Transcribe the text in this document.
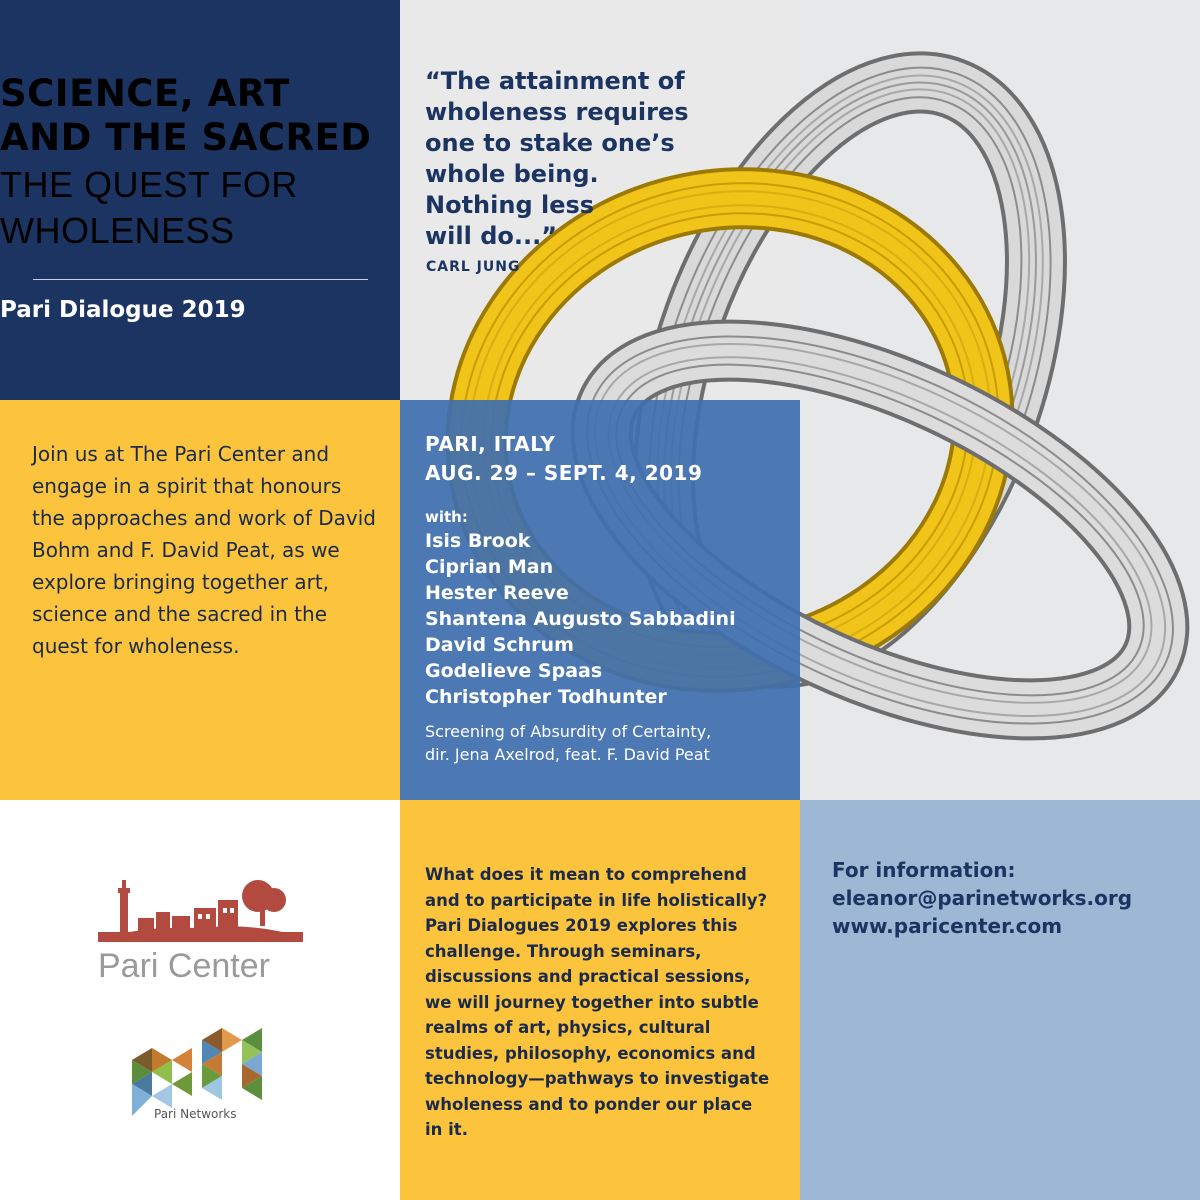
SCIENCE, ART
AND THE SACRED
THE QUEST FOR
WHOLENESS
Pari Dialogue 2019
“The attainment of
wholeness requires
one to stake one’s
whole being.
Nothing less
will do...”
CARL JUNG
Join us at The Pari Center and engage in a spirit that honours the approaches and work of David Bohm and F. David Peat, as we explore bringing together art, science and the sacred in the quest for wholeness.
PARI, ITALY
AUG. 29 – SEPT. 4, 2019
with:
Isis Brook
Ciprian Man
Hester Reeve
Shantena Augusto Sabbadini
David Schrum
Godelieve Spaas
Christopher Todhunter
Screening of Absurdity of Certainty,
dir. Jena Axelrod, feat. F. David Peat
What does it mean to comprehend and to participate in life holistically? Pari Dialogues 2019 explores this challenge. Through seminars, discussions and practical sessions, we will journey together into subtle realms of art, physics, cultural studies, philosophy, economics and technology—pathways to investigate wholeness and to ponder our place in it.
For information:
eleanor@parinetworks.org
www.paricenter.com
Pari Center
Pari Networks
